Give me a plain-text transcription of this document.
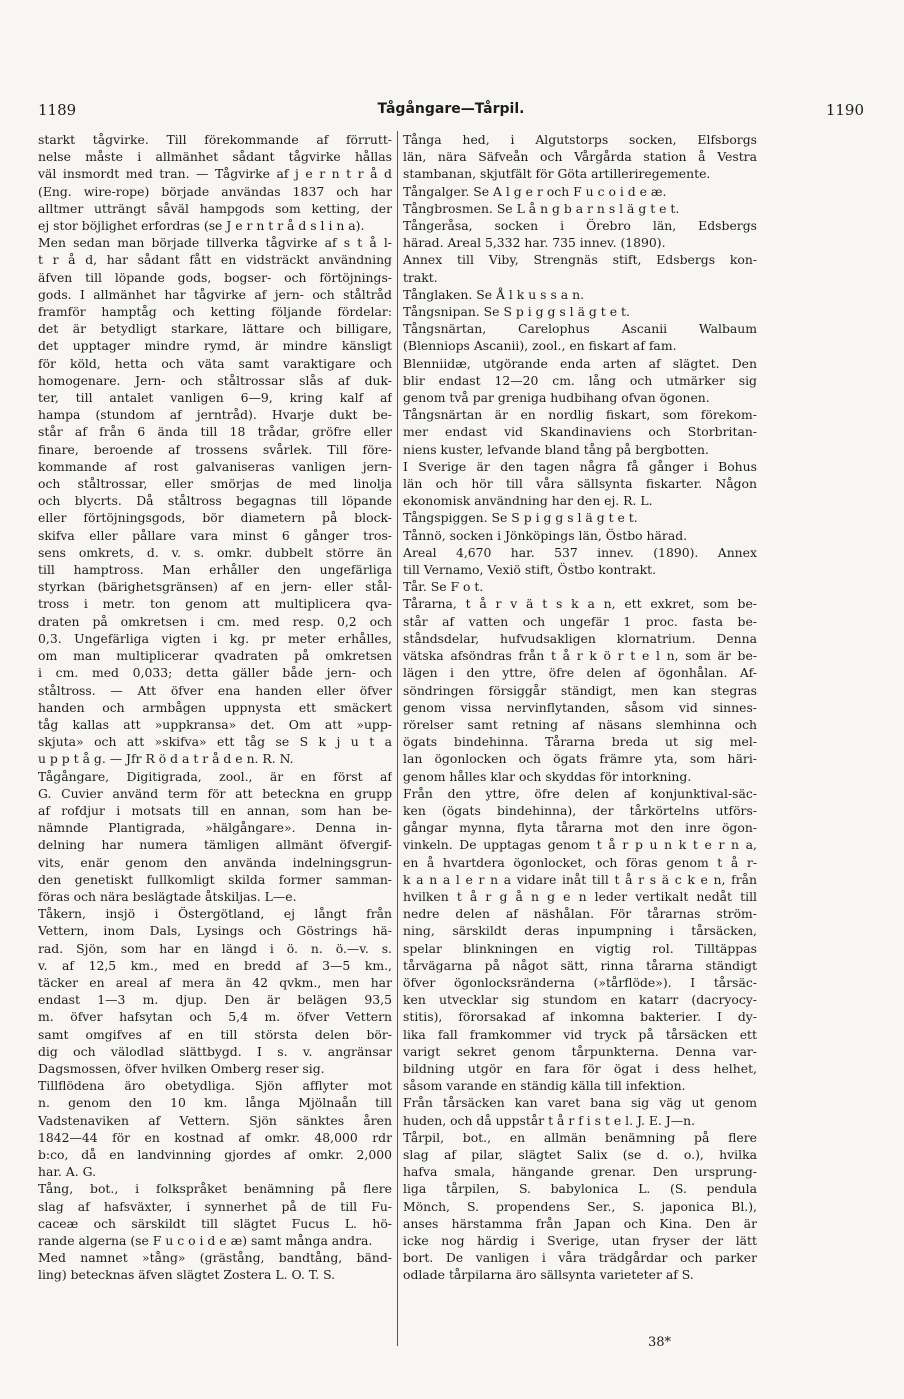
1189	Tågångare—Tårpil.	1190
starkt tågvirke. Till förekommande af förrutt-
nelse måste i allmänhet sådant tågvirke hållas
väl insmordt med tran. — Tågvirke af j e r n t r å d
(Eng. wire-rope) började användas 1837 och har
alltmer utträngt såväl hampgods som ketting, der
ej stor böjlighet erfordras (se J e r n t r å d s l i n a).
Men sedan man började tillverka tågvirke af s t å l-
t r å d, har sådant fått en vidsträckt användning
äfven till löpande gods, bogser- och förtöjnings-
gods. I allmänhet har tågvirke af jern- och ståltråd
framför hamptåg och ketting följande fördelar:
det är betydligt starkare, lättare och billigare,
det upptager mindre rymd, är mindre känsligt
för köld, hetta och väta samt varaktigare och
homogenare. Jern- och ståltrossar slås af duk-
ter, till antalet vanligen 6—9, kring kalf af
hampa (stundom af jerntråd). Hvarje dukt be-
står af från 6 ända till 18 trådar, gröfre eller
finare, beroende af trossens svårlek. Till före-
kommande af rost galvaniseras vanligen jern-
och ståltrossar, eller smörjas de med linolja
och blycrts. Då ståltross begagnas till löpande
eller förtöjningsgods, bör diametern på block-
skifva eller pållare vara minst 6 gånger tros-
sens omkrets, d. v. s. omkr. dubbelt större än
till hamptross. Man erhåller den ungefärliga
styrkan (bärighetsgränsen) af en jern- eller stål-
tross i metr. ton genom att multiplicera qva-
draten på omkretsen i cm. med resp. 0,2 och
0,3. Ungefärliga vigten i kg. pr meter erhålles,
om man multiplicerar qvadraten på omkretsen
i cm. med 0,033; detta gäller både jern- och
ståltross. — Att öfver ena handen eller öfver
handen och armbågen uppnysta ett smäckert
tåg kallas att »uppkransa» det. Om att »upp-
skjuta» och att »skifva» ett tåg se S k j u t a
u p p t å g. — Jfr R ö d a t r å d e n. R. N.
Tågångare, Digitigrada, zool., är en först af
G. Cuvier använd term för att beteckna en grupp
af rofdjur i motsats till en annan, som han be-
nämnde Plantigrada, »hälgångare». Denna in-
delning har numera tämligen allmänt öfvergif-
vits, enär genom den använda indelningsgrun-
den genetiskt fullkomligt skilda former samman-
föras och nära beslägtade åtskiljas. L—e.
Tåkern, insjö i Östergötland, ej långt från
Vettern, inom Dals, Lysings och Göstrings hä-
rad. Sjön, som har en längd i ö. n. ö.—v. s.
v. af 12,5 km., med en bredd af 3—5 km.,
täcker en areal af mera än 42 qvkm., men har
endast 1—3 m. djup. Den är belägen 93,5
m. öfver hafsytan och 5,4 m. öfver Vettern
samt omgifves af en till största delen bör-
dig och välodlad slättbygd. I s. v. angränsar
Dagsmossen, öfver hvilken Omberg reser sig.
Tillflödena äro obetydliga. Sjön afflyter mot
n. genom den 10 km. långa Mjölnaån till
Vadstenaviken af Vettern. Sjön sänktes åren
1842—44 för en kostnad af omkr. 48,000 rdr
b:co, då en landvinning gjordes af omkr. 2,000
har. A. G.
Tång, bot., i folkspråket benämning på flere
slag af hafsväxter, i synnerhet på de till Fu-
caceæ och särskildt till slägtet Fucus L. hö-
rande algerna (se F u c o i d e æ) samt många andra.
Med namnet »tång» (grästång, bandtång, bänd-
ling) betecknas äfven slägtet Zostera L. O. T. S.
Tånga hed, i Algutstorps socken, Elfsborgs
län, nära Säfveån och Vårgårda station å Vestra
stambanan, skjutfält för Göta artilleriregemente.
Tångalger. Se A l g e r och F u c o i d e æ.
Tångbrosmen. Se L å n g b a r n s l ä g t e t.
Tångeråsa, socken i Örebro län, Edsbergs
härad. Areal 5,332 har. 735 innev. (1890).
Annex till Viby, Strengnäs stift, Edsbergs kon-
trakt.
Tånglaken. Se Å l k u s s a n.
Tångsnipan. Se S p i g g s l ä g t e t.
Tångsnärtan, Carelophus Ascanii Walbaum
(Blenniops Ascanii), zool., en fiskart af fam.
Blenniidæ, utgörande enda arten af slägtet. Den
blir endast 12—20 cm. lång och utmärker sig
genom två par greniga hudbihang ofvan ögonen.
Tångsnärtan är en nordlig fiskart, som förekom-
mer endast vid Skandinaviens och Storbritan-
niens kuster, lefvande bland tång på bergbotten.
I Sverige är den tagen några få gånger i Bohus
län och hör till våra sällsynta fiskarter. Någon
ekonomisk användning har den ej. R. L.
Tångspiggen. Se S p i g g s l ä g t e t.
Tånnö, socken i Jönköpings län, Östbo härad.
Areal 4,670 har. 537 innev. (1890). Annex
till Vernamo, Vexiö stift, Östbo kontrakt.
Tår. Se F o t.
Tårarna, t å r v ä t s k a n, ett exkret, som be-
står af vatten och ungefär 1 proc. fasta be-
ståndsdelar, hufvudsakligen klornatrium. Denna
vätska afsöndras från t å r k ö r t e l n, som är be-
lägen i den yttre, öfre delen af ögonhålan. Af-
söndringen försiggår ständigt, men kan stegras
genom vissa nervinflytanden, såsom vid sinnes-
rörelser samt retning af näsans slemhinna och
ögats bindehinna. Tårarna breda ut sig mel-
lan ögonlocken och ögats främre yta, som häri-
genom hålles klar och skyddas för intorkning.
Från den yttre, öfre delen af konjunktival-säc-
ken (ögats bindehinna), der tårkörtelns utförs-
gångar mynna, flyta tårarna mot den inre ögon-
vinkeln. De upptagas genom t å r p u n k t e r n a,
en å hvartdera ögonlocket, och föras genom t å r-
k a n a l e r n a vidare inåt till t å r s ä c k e n, från
hvilken t å r g å n g e n leder vertikalt nedåt till
nedre delen af näshålan. För tårarnas ström-
ning, särskildt deras inpumpning i tårsäcken,
spelar blinkningen en vigtig rol. Tilltäppas
tårvägarna på något sätt, rinna tårarna ständigt
öfver ögonlocksränderna (»tårflöde»). I tårsäc-
ken utvecklar sig stundom en katarr (dacryocy-
stitis), förorsakad af inkomna bakterier. I dy-
lika fall framkommer vid tryck på tårsäcken ett
varigt sekret genom tårpunkterna. Denna var-
bildning utgör en fara för ögat i dess helhet,
såsom varande en ständig källa till infektion.
Från tårsäcken kan varet bana sig väg ut genom
huden, och då uppstår t å r f i s t e l. J. E. J—n.
Tårpil, bot., en allmän benämning på flere
slag af pilar, slägtet Salix (se d. o.), hvilka
hafva smala, hängande grenar. Den ursprung-
liga tårpilen, S. babylonica L. (S. pendula
Mönch, S. propendens Ser., S. japonica Bl.),
anses härstamma från Japan och Kina. Den är
icke nog härdig i Sverige, utan fryser der lätt
bort. De vanligen i våra trädgårdar och parker
odlade tårpilarna äro sällsynta varieteter af S.
38*
